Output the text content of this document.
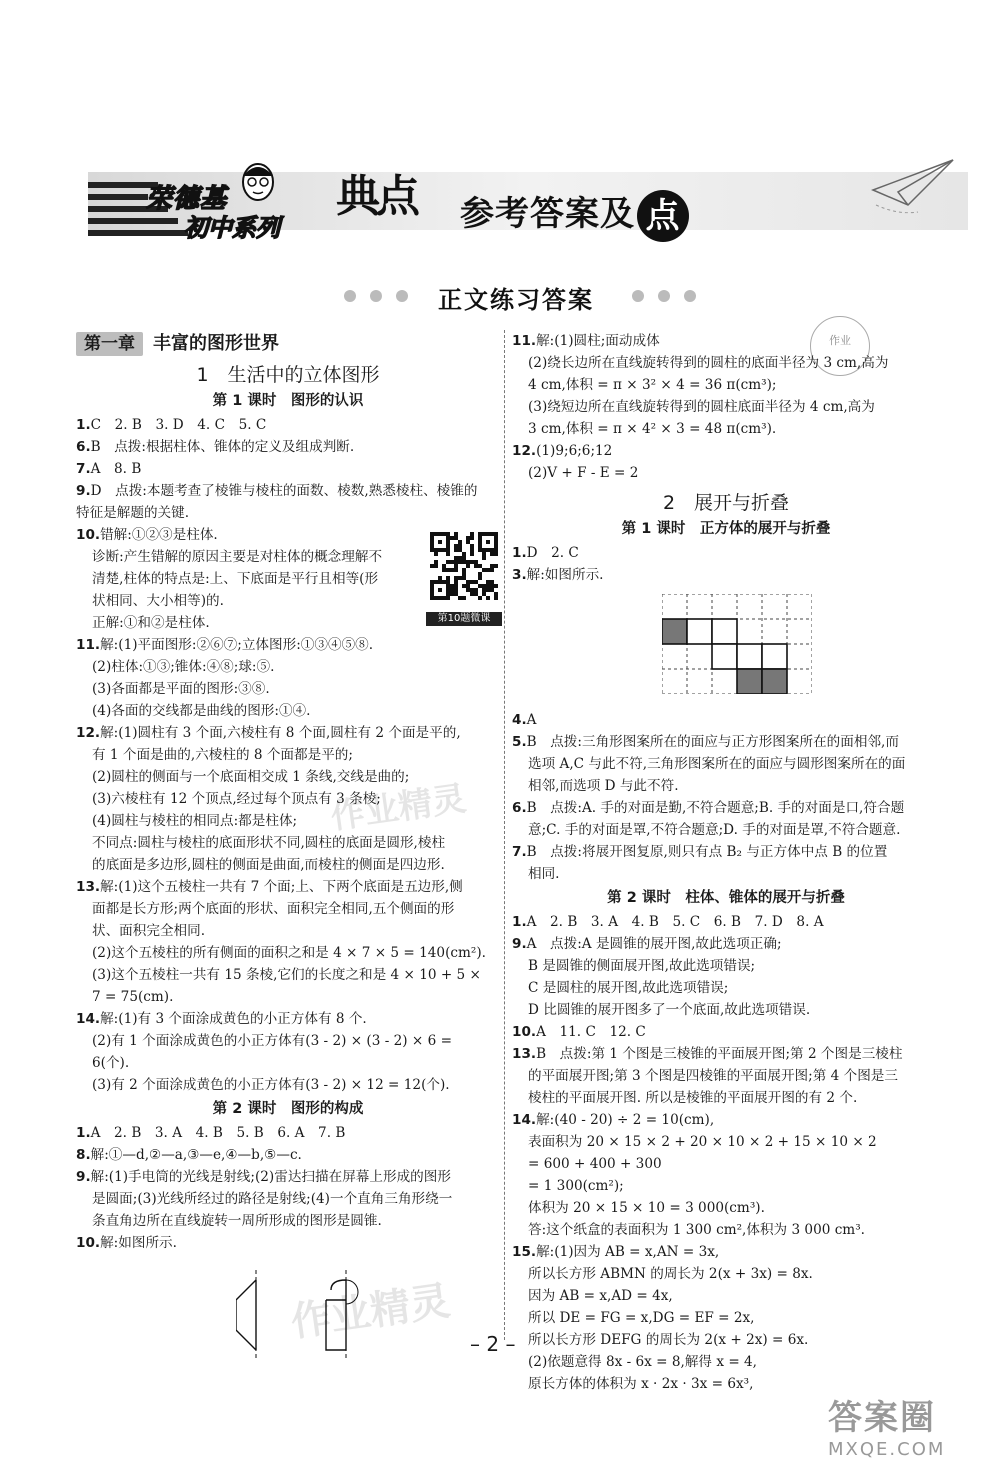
荣德基
初中系列
典点 参考答案及 点拨
正文练习答案

作业
第一章	丰富的图形世界
1　生活中的立体图形
第 1 课时　图形的认识
1.C　2. B　3. D　4. C　5. C
6.B　点拨:根据柱体、锥体的定义及组成判断.
7.A　8. B
9.D　点拨:本题考查了棱锥与棱柱的面数、棱数,熟悉棱柱、棱锥的
特征是解题的关键.
10.错解:①②③是柱体.
诊断:产生错解的原因主要是对柱体的概念理解不
清楚,柱体的特点是:上、下底面是平行且相等(形
状相同、大小相等)的.
正解:①和②是柱体.
11.解:(1)平面图形:②⑥⑦;立体图形:①③④⑤⑧.
(2)柱体:①③;锥体:④⑧;球:⑤.
(3)各面都是平面的图形:③⑧.
(4)各面的交线都是曲线的图形:①④.
12.解:(1)圆柱有 3 个面,六棱柱有 8 个面,圆柱有 2 个面是平的,
有 1 个面是曲的,六棱柱的 8 个面都是平的;
(2)圆柱的侧面与一个底面相交成 1 条线,交线是曲的;
(3)六棱柱有 12 个顶点,经过每个顶点有 3 条棱;
(4)圆柱与棱柱的相同点:都是柱体;
不同点:圆柱与棱柱的底面形状不同,圆柱的底面是圆形,棱柱
的底面是多边形,圆柱的侧面是曲面,而棱柱的侧面是四边形.
13.解:(1)这个五棱柱一共有 7 个面;上、下两个底面是五边形,侧
面都是长方形;两个底面的形状、面积完全相同,五个侧面的形
状、面积完全相同.
(2)这个五棱柱的所有侧面的面积之和是 4 × 7 × 5 = 140(cm²).
(3)这个五棱柱一共有 15 条棱,它们的长度之和是 4 × 10 + 5 ×
7 = 75(cm).
14.解:(1)有 3 个面涂成黄色的小正方体有 8 个.
(2)有 1 个面涂成黄色的小正方体有(3 - 2) × (3 - 2) × 6 =
6(个).
(3)有 2 个面涂成黄色的小正方体有(3 - 2) × 12 = 12(个).
第 2 课时　图形的构成
1.A　2. B　3. A　4. B　5. B　6. A　7. B
8.解:①—d,②—a,③—e,④—b,⑤—c.
9.解:(1)手电筒的光线是射线;(2)雷达扫描在屏幕上形成的图形
是圆面;(3)光线所经过的路径是射线;(4)一个直角三角形绕一
条直角边所在直线旋转一周所形成的图形是圆锥.
10.解:如图所示.
11.解:(1)圆柱;面动成体
(2)绕长边所在直线旋转得到的圆柱的底面半径为 3 cm,高为
4 cm,体积 = π × 3² × 4 = 36 π(cm³);
(3)绕短边所在直线旋转得到的圆柱底面半径为 4 cm,高为
3 cm,体积 = π × 4² × 3 = 48 π(cm³).
12.(1)9;6;6;12
(2)V + F - E = 2
2　展开与折叠
第 1 课时　正方体的展开与折叠
1.D　2. C
3.解:如图所示.
4.A
5.B　点拨:三角形图案所在的面应与正方形图案所在的面相邻,而
选项 A,C 与此不符,三角形图案所在的面应与圆形图案所在的面
相邻,而选项 D 与此不符.
6.B　点拨:A. 手的对面是勤,不符合题意;B. 手的对面是口,符合题
意;C. 手的对面是罩,不符合题意;D. 手的对面是罩,不符合题意.
7.B　点拨:将展开图复原,则只有点 B₂ 与正方体中点 B 的位置
相同.
第 2 课时　柱体、锥体的展开与折叠
1.A　2. B　3. A　4. B　5. C　6. B　7. D　8. A
9.A　点拨:A 是圆锥的展开图,故此选项正确;
B 是圆锥的侧面展开图,故此选项错误;
C 是圆柱的展开图,故此选项错误;
D 比圆锥的展开图多了一个底面,故此选项错误.
10.A　11. C　12. C
13.B　点拨:第 1 个图是三棱锥的平面展开图;第 2 个图是三棱柱
的平面展开图;第 3 个图是四棱锥的平面展开图;第 4 个图是三
棱柱的平面展开图. 所以是棱锥的平面展开图的有 2 个.
14.解:(40 - 20) ÷ 2 = 10(cm),
表面积为 20 × 15 × 2 + 20 × 10 × 2 + 15 × 10 × 2
= 600 + 400 + 300
= 1 300(cm²);
体积为 20 × 15 × 10 = 3 000(cm³).
答:这个纸盒的表面积为 1 300 cm²,体积为 3 000 cm³.
15.解:(1)因为 AB = x,AN = 3x,
所以长方形 ABMN 的周长为 2(x + 3x) = 8x.
因为 AB = x,AD = 4x,
所以 DE = FG = x,DG = EF = 2x,
所以长方形 DEFG 的周长为 2(x + 2x) = 6x.
(2)依题意得 8x - 6x = 8,解得 x = 4,
原长方体的体积为 x · 2x · 3x = 6x³,
第10题微课
– 2 –
作业精灵
作业精灵
答案圈
MXQE.COM
